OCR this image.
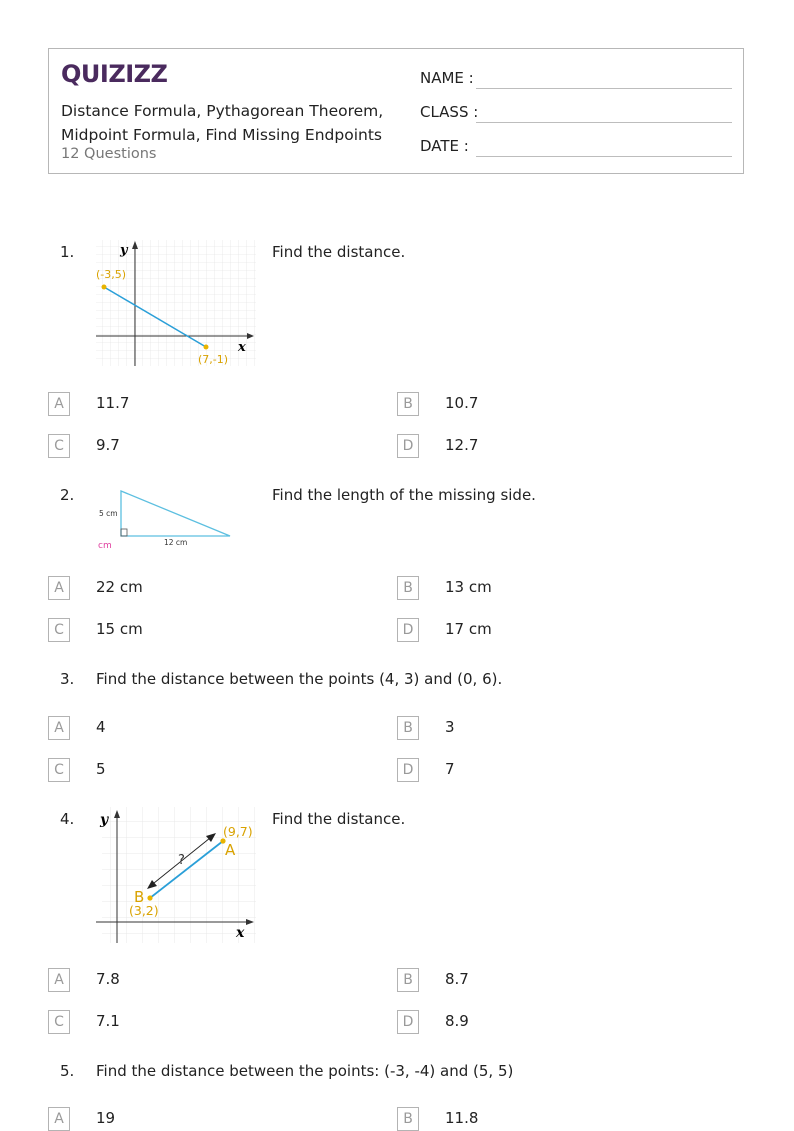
QUIZIZZ
Distance Formula, Pythagorean Theorem, Midpoint Formula, Find Missing Endpoints
12 Questions
NAME :
CLASS :
DATE :
1.	y
x
(-3,5)
(7,-1)
Find the distance.
A	11.7	B	10.7
C	9.7	D	12.7
2.
5 cm
12 cm
cm
Find the length of the missing side.
A	22 cm	B	13 cm
C	15 cm	D	17 cm
3. Find the distance between the points (4, 3) and (0, 6).
A	4	B	3
C	5	D	7
4. y
x
?
(9,7)
A
B
(3,2)
Find the distance.
A	7.8	B	8.7
C	7.1	D	8.9
5. Find the distance between the points: (-3, -4) and (5, 5)
A	19	B	11.8
